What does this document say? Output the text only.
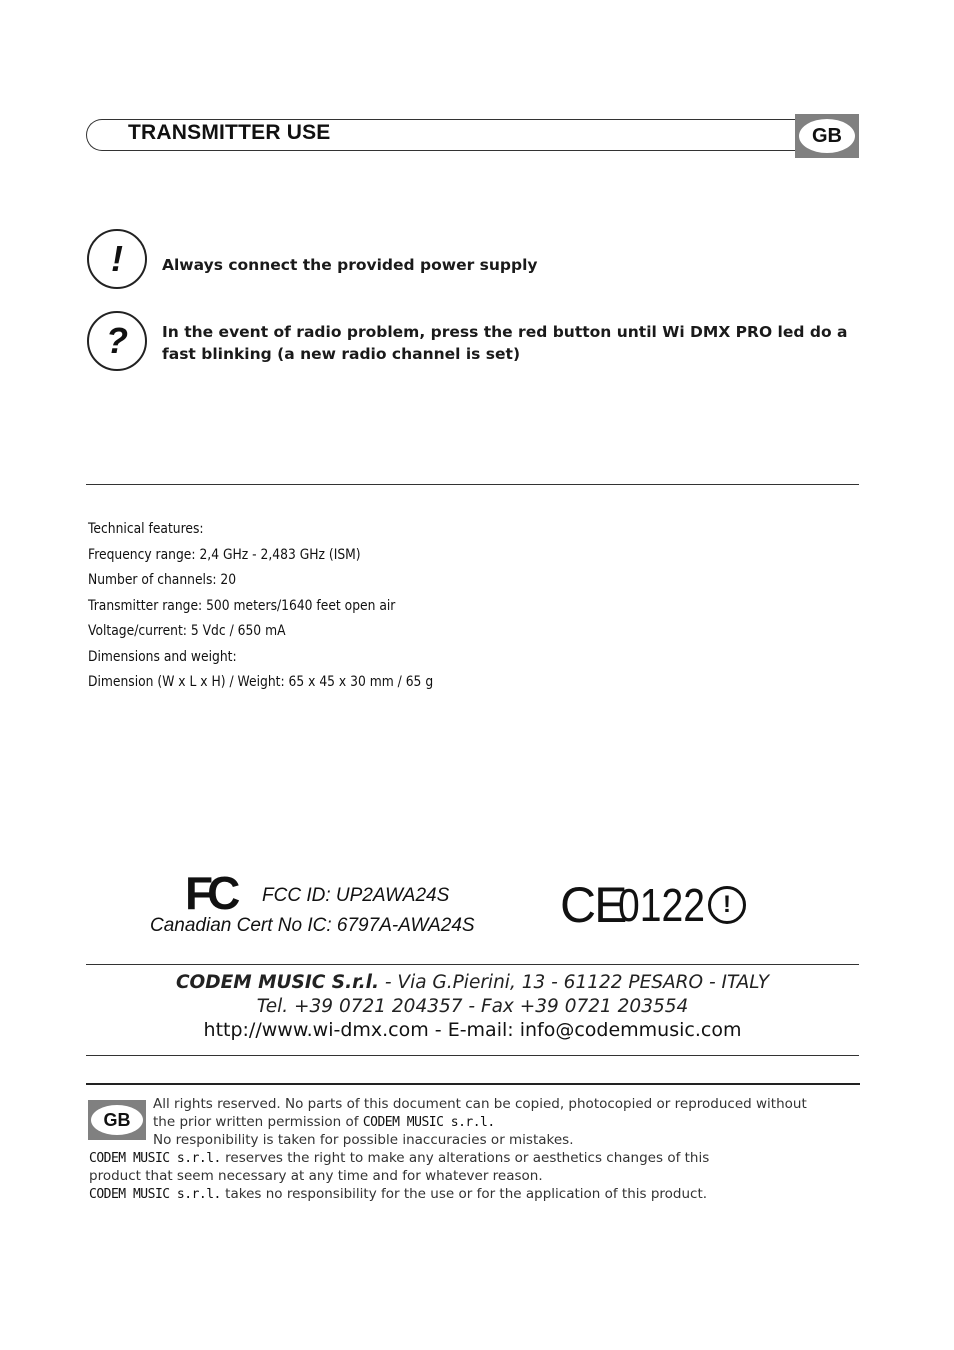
TRANSMITTER USE	GB
!	Always connect the provided power supply
? In the event of radio problem, press the red button until Wi DMX PRO led do a
fast blinking (a new radio channel is set)
Technical features:
Frequency range: 2,4 GHz - 2,483 GHz (ISM)
Number of channels: 20
Transmitter range: 500 meters/1640 feet open air
Voltage/current: 5 Vdc / 650 mA
Dimensions and weight:
Dimension (W x L x H) / Weight: 65 x 45 x 30 mm / 65 g
FC FCC ID: UP2AWA24S
Canadian Cert No IC: 6797A-AWA24S CE
0122 !
CODEM MUSIC S.r.l. - Via G.Pierini, 13 - 61122 PESARO - ITALY
Tel. +39 0721 204357 - Fax +39 0721 203554
http://www.wi-dmx.com - E-mail: info@codemmusic.com
GB
All rights reserved. No parts of this document can be copied, photocopied or reproduced without
the prior written permission of CODEM MUSIC s.r.l.
No responibility is taken for possible inaccuracies or mistakes.
CODEM MUSIC s.r.l. reserves the right to make any alterations or aesthetics changes of this
product that seem necessary at any time and for whatever reason.
CODEM MUSIC s.r.l. takes no responsibility for the use or for the application of this product.
